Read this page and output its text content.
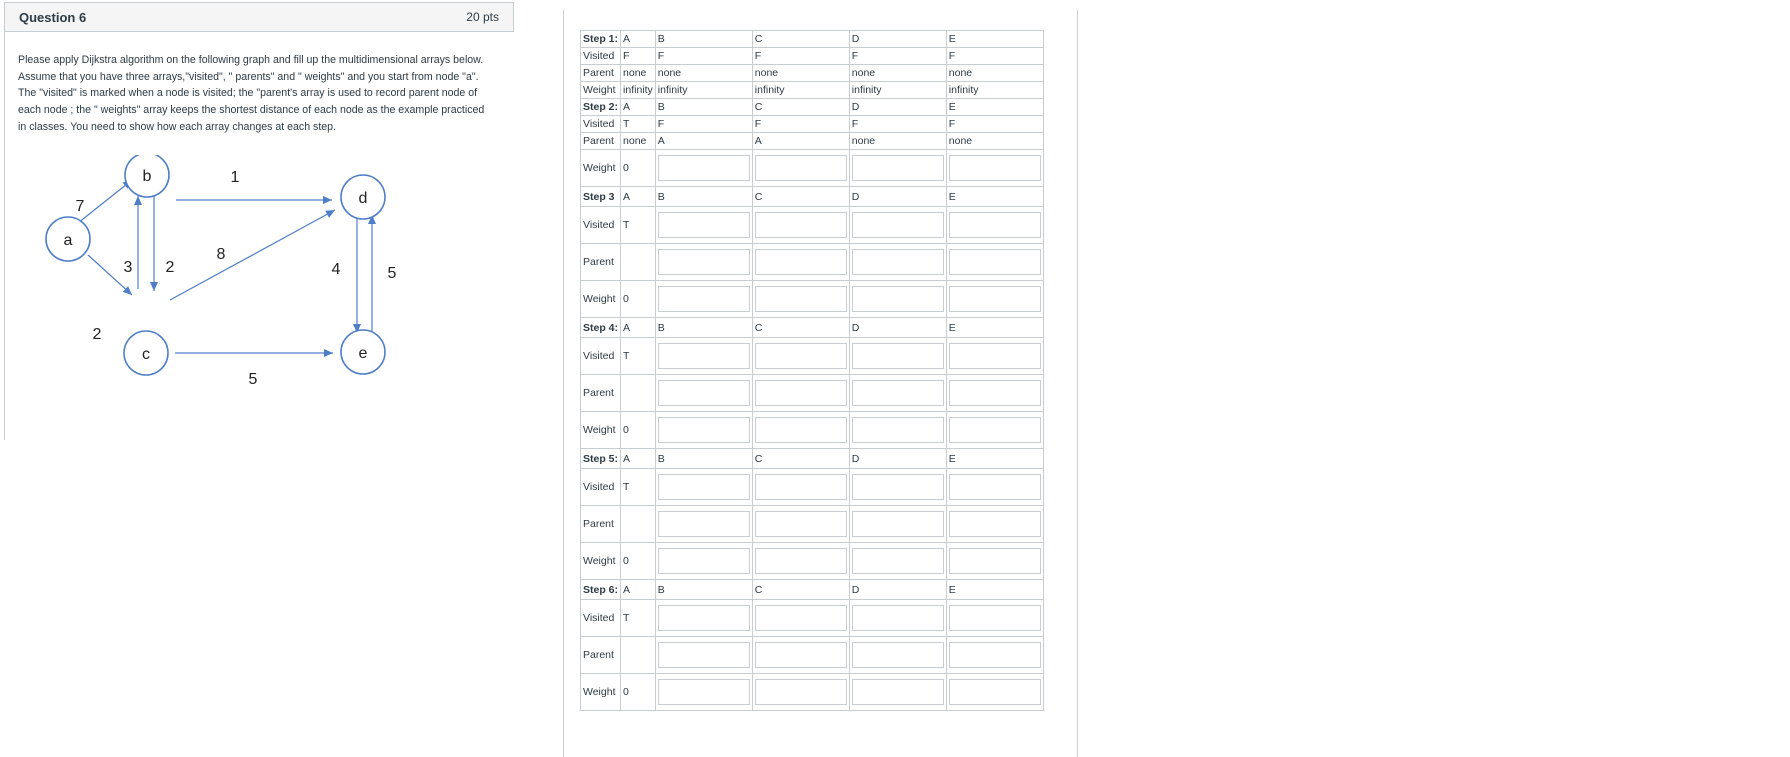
Question 6	20 pts

Please apply Dijkstra algorithm on the following graph and fill up the multidimensional arrays below.
Assume that you have three arrays,"visited", " parents" and " weights" and you start from node "a".
The "visited" is marked when a node is visited; the "parent's array is used to record parent node of
each node ; the " weights" array keeps the shortest distance of each node as the example practiced
in classes. You need to show how each array changes at each step.

a
b
c
d
e
7
2
3 2
1
8
5
4	5
Step 1:	A	B	C	D	E
Visited	F	F	F	F	F
Parent	none	none	none	none	none
Weight	infinity	infinity	infinity	infinity	infinity
Step 2:	A	B	C	D	E
Visited	T	F	F	F	F
Parent	none	A	A	none	none
Weight	0	

Step 3	A	B	C	D	E
Visited	T	

Parent		

Weight	0	

Step 4:	A	B	C	D	E
Visited	T	

Parent		

Weight	0	

Step 5:	A	B	C	D	E
Visited	T	

Parent		

Weight	0	

Step 6:	A	B	C	D	E
Visited	T	

Parent		

Weight	0	
